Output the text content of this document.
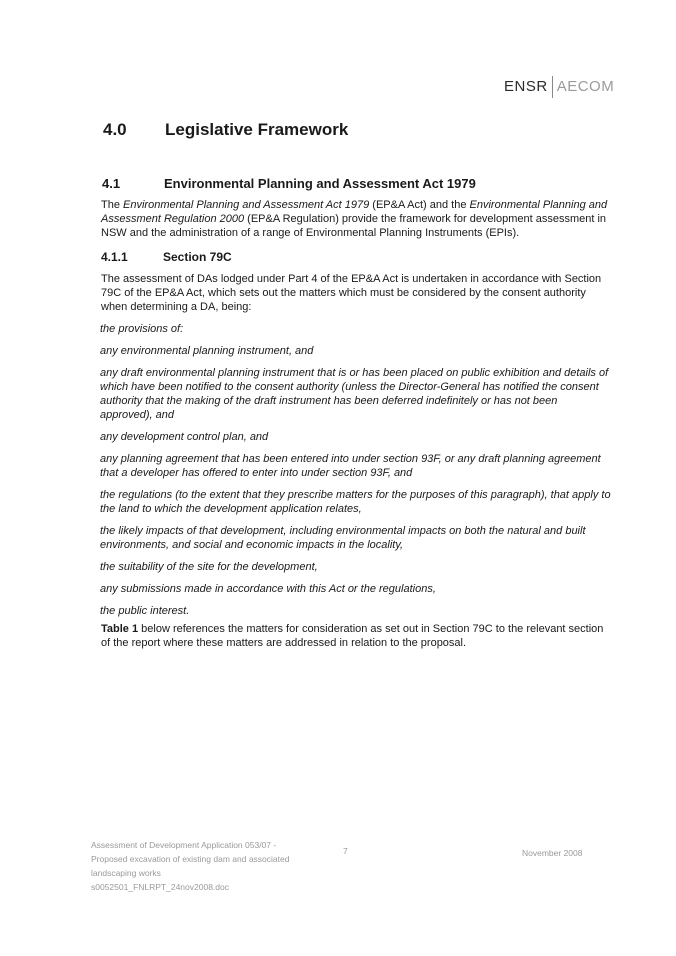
ENSR AECOM
4.0 Legislative Framework
4.1	Environmental Planning and Assessment Act 1979

The Environmental Planning and Assessment Act 1979 (EP&A Act) and the Environmental Planning and Assessment Regulation 2000 (EP&A Regulation) provide the framework for development assessment in NSW and the administration of a range of Environmental Planning Instruments (EPIs).

4.1.1	Section 79C

The assessment of DAs lodged under Part 4 of the EP&A Act is undertaken in accordance with Section 79C of the EP&A Act, which sets out the matters which must be considered by the consent authority when determining a DA, being:

the provisions of:
any environmental planning instrument, and
any draft environmental planning instrument that is or has been placed on public exhibition and details of which have been notified to the consent authority (unless the Director-General has notified the consent authority that the making of the draft instrument has been deferred indefinitely or has not been approved), and
any development control plan, and
any planning agreement that has been entered into under section 93F, or any draft planning agreement that a developer has offered to enter into under section 93F, and
the regulations (to the extent that they prescribe matters for the purposes of this paragraph), that apply to the land to which the development application relates,
the likely impacts of that development, including environmental impacts on both the natural and built environments, and social and economic impacts in the locality,
the suitability of the site for the development,
any submissions made in accordance with this Act or the regulations,
the public interest.

Table 1 below references the matters for consideration as set out in Section 79C to the relevant section of the report where these matters are addressed in relation to the proposal.

Assessment of Development Application 053/07 -
Proposed excavation of existing dam and associated
landscaping works
s0052501_FNLRPT_24nov2008.doc
7	November 2008
